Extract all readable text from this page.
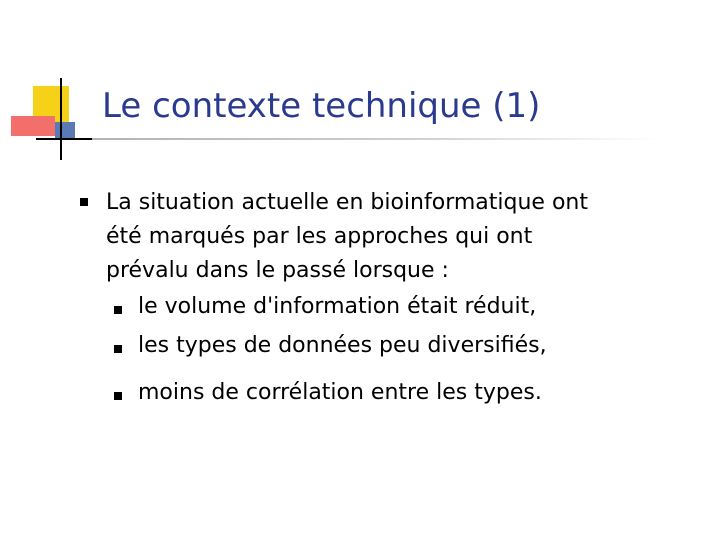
Le contexte technique (1)
La situation actuelle en bioinformatique ont
été marqués par les approches qui ont
prévalu dans le passé lorsque :
le volume d'information était réduit,
les types de données peu diversifiés,
moins de corrélation entre les types.
